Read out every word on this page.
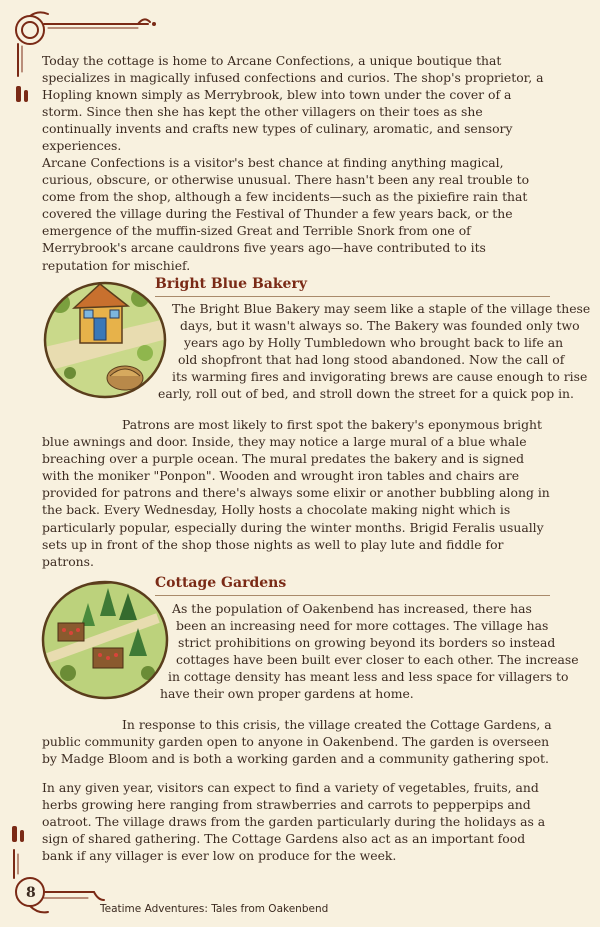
Today the cottage is home to Arcane Confections, a unique boutique that specializes in magically infused confections and curios. The shop's proprietor, a Hopling known simply as Merrybrook, blew into town under the cover of a storm. Since then she has kept the other villagers on their toes as she continually invents and crafts new types of culinary, aromatic, and sensory experiences.

Arcane Confections is a visitor's best chance at finding anything magical, curious, obscure, or otherwise unusual. There hasn't been any real trouble to come from the shop, although a few incidents—such as the pixiefire rain that covered the village during the Festival of Thunder a few years back, or the emergence of the muffin-sized Great and Terrible Snork from one of Merrybrook's arcane cauldrons five years ago—have contributed to its reputation for mischief.

Bright Blue Bakery
The Bright Blue Bakery may seem like a staple of the village these
days, but it wasn't always so. The Bakery was founded only two
years ago by Holly Tumbledown who brought back to life an
old shopfront that had long stood abandoned. Now the call of
its warming fires and invigorating brews are cause enough to rise
early, roll out of bed, and stroll down the street for a quick pop in.

Patrons are most likely to first spot the bakery's eponymous bright blue awnings and door. Inside, they may notice a large mural of a blue whale breaching over a purple ocean. The mural predates the bakery and is signed with the moniker "Ponpon". Wooden and wrought iron tables and chairs are provided for patrons and there's always some elixir or another bubbling along in the back. Every Wednesday, Holly hosts a chocolate making night which is particularly popular, especially during the winter months. Brigid Feralis usually sets up in front of the shop those nights as well to play lute and fiddle for patrons.

Cottage Gardens
As the population of Oakenbend has increased, there has
been an increasing need for more cottages. The village has
strict prohibitions on growing beyond its borders so instead
cottages have been built ever closer to each other. The increase
in cottage density has meant less and less space for villagers to
have their own proper gardens at home.

In response to this crisis, the village created the Cottage Gardens, a public community garden open to anyone in Oakenbend. The garden is overseen by Madge Bloom and is both a working garden and a community gathering spot.

In any given year, visitors can expect to find a variety of vegetables, fruits, and herbs growing here ranging from strawberries and carrots to pepperpips and oatroot. The village draws from the garden particularly during the holidays as a sign of shared gathering. The Cottage Gardens also act as an important food bank if any villager is ever low on produce for the week.

8
Teatime Adventures: Tales from Oakenbend
